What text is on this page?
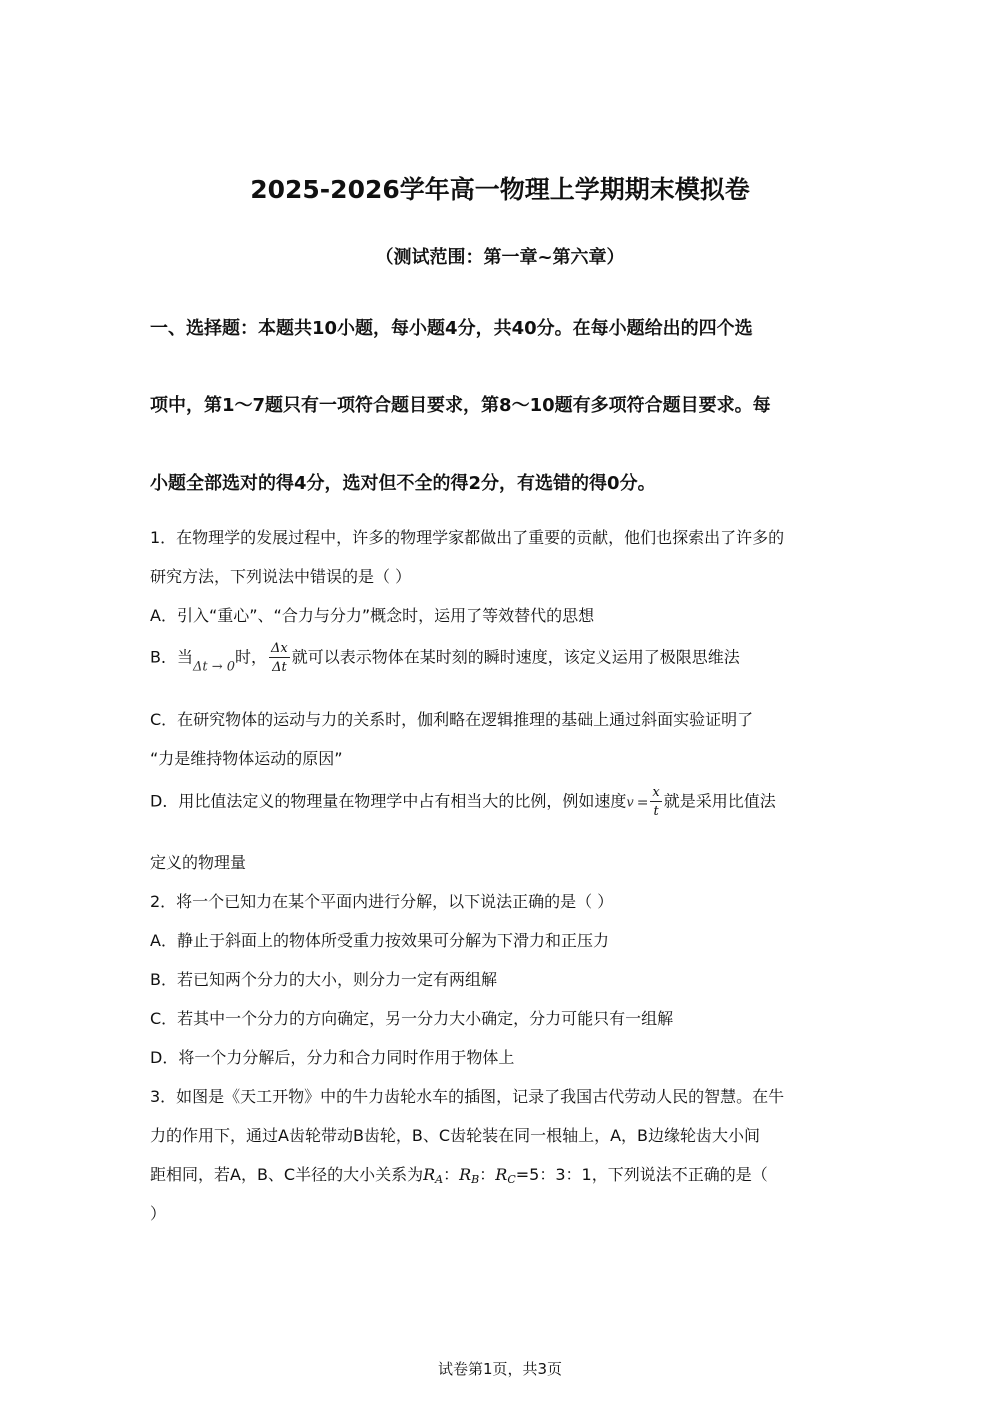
2025-2026学年高一物理上学期期末模拟卷
（测试范围：第一章~第六章）
一、选择题：本题共10小题，每小题4分，共40分。在每小题给出的四个选
项中，第1～7题只有一项符合题目要求，第8～10题有多项符合题目要求。每
小题全部选对的得4分，选对但不全的得2分，有选错的得0分。
1．在物理学的发展过程中，许多的物理学家都做出了重要的贡献，他们也探索出了许多的
研究方法，下列说法中错误的是（ ）
A．引入“重心”、“合力与分力”概念时，运用了等效替代的思想
B．当$_{\Delta t \to 0}$时， $\frac{\Delta x}{\Delta t}$ 就可以表示物体在某时刻的瞬时速度，该定义运用了极限思维法
C．在研究物体的运动与力的关系时，伽利略在逻辑推理的基础上通过斜面实验证明了
“力是维持物体运动的原因”
D．用比值法定义的物理量在物理学中占有相当大的比例，例如速度$v = \frac{x}{t}$ 就是采用比值法
定义的物理量
2．将一个已知力在某个平面内进行分解，以下说法正确的是（ ）
A．静止于斜面上的物体所受重力按效果可分解为下滑力和正压力
B．若已知两个分力的大小，则分力一定有两组解
C．若其中一个分力的方向确定，另一分力大小确定，分力可能只有一组解
D．将一个力分解后，分力和合力同时作用于物体上
3．如图是《天工开物》中的牛力齿轮水车的插图，记录了我国古代劳动人民的智慧。在牛
力的作用下，通过A齿轮带动B齿轮，B、C齿轮装在同一根轴上，A，B边缘轮齿大小间
距相同，若A，B、C半径的大小关系为$R_A$：$R_B$：$R_C=5$：3：1，下列说法不正确的是（
）
试卷第1页，共3页
